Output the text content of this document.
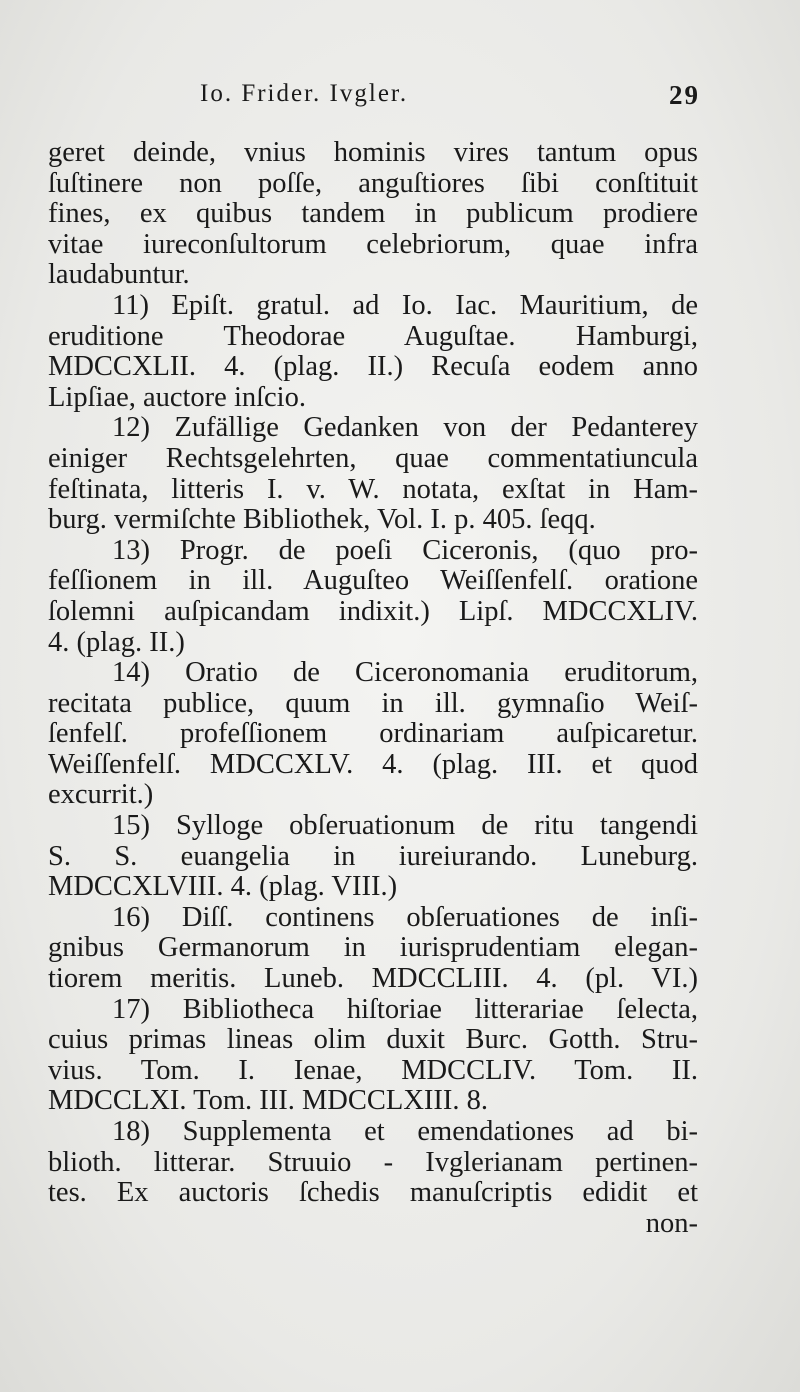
Io. Frider. Ivgler.	29
geret deinde, vnius hominis vires tantum opus
ſuſtinere non poſſe, anguſtiores ſibi conſtituit
fines, ex quibus tandem in publicum prodiere
vitae iureconſultorum celebriorum, quae infra
laudabuntur.
11) Epiſt. gratul. ad Io. Iac. Mauritium, de
eruditione Theodorae Auguſtae. Hamburgi,
MDCCXLII. 4. (plag. II.) Recuſa eodem anno
Lipſiae, auctore inſcio.
12) Zufällige Gedanken von der Pedanterey
einiger Rechtsgelehrten, quae commentatiuncula
feſtinata, litteris I. v. W. notata, exſtat in Ham-
burg. vermiſchte Bibliothek, Vol. I. p. 405. ſeqq.
13) Progr. de poeſi Ciceronis, (quo pro-
feſſionem in ill. Auguſteo Weiſſenfelſ. oratione
ſolemni auſpicandam indixit.) Lipſ. MDCCXLIV.
4. (plag. II.)
14) Oratio de Ciceronomania eruditorum,
recitata publice, quum in ill. gymnaſio Weiſ-
ſenfelſ. profeſſionem ordinariam auſpicaretur.
Weiſſenfelſ. MDCCXLV. 4. (plag. III. et quod
excurrit.)
15) Sylloge obſeruationum de ritu tangendi
S. S. euangelia in iureiurando. Luneburg.
MDCCXLVIII. 4. (plag. VIII.)
16) Diſſ. continens obſeruationes de inſi-
gnibus Germanorum in iurisprudentiam elegan-
tiorem meritis. Luneb. MDCCLIII. 4. (pl. VI.)
17) Bibliotheca hiſtoriae litterariae ſelecta,
cuius primas lineas olim duxit Burc. Gotth. Stru-
vius. Tom. I. Ienae, MDCCLIV. Tom. II.
MDCCLXI. Tom. III. MDCCLXIII. 8.
18) Supplementa et emendationes ad bi-
blioth. litterar. Struuio - Ivglerianam pertinen-
tes. Ex auctoris ſchedis manuſcriptis edidit et
non-
